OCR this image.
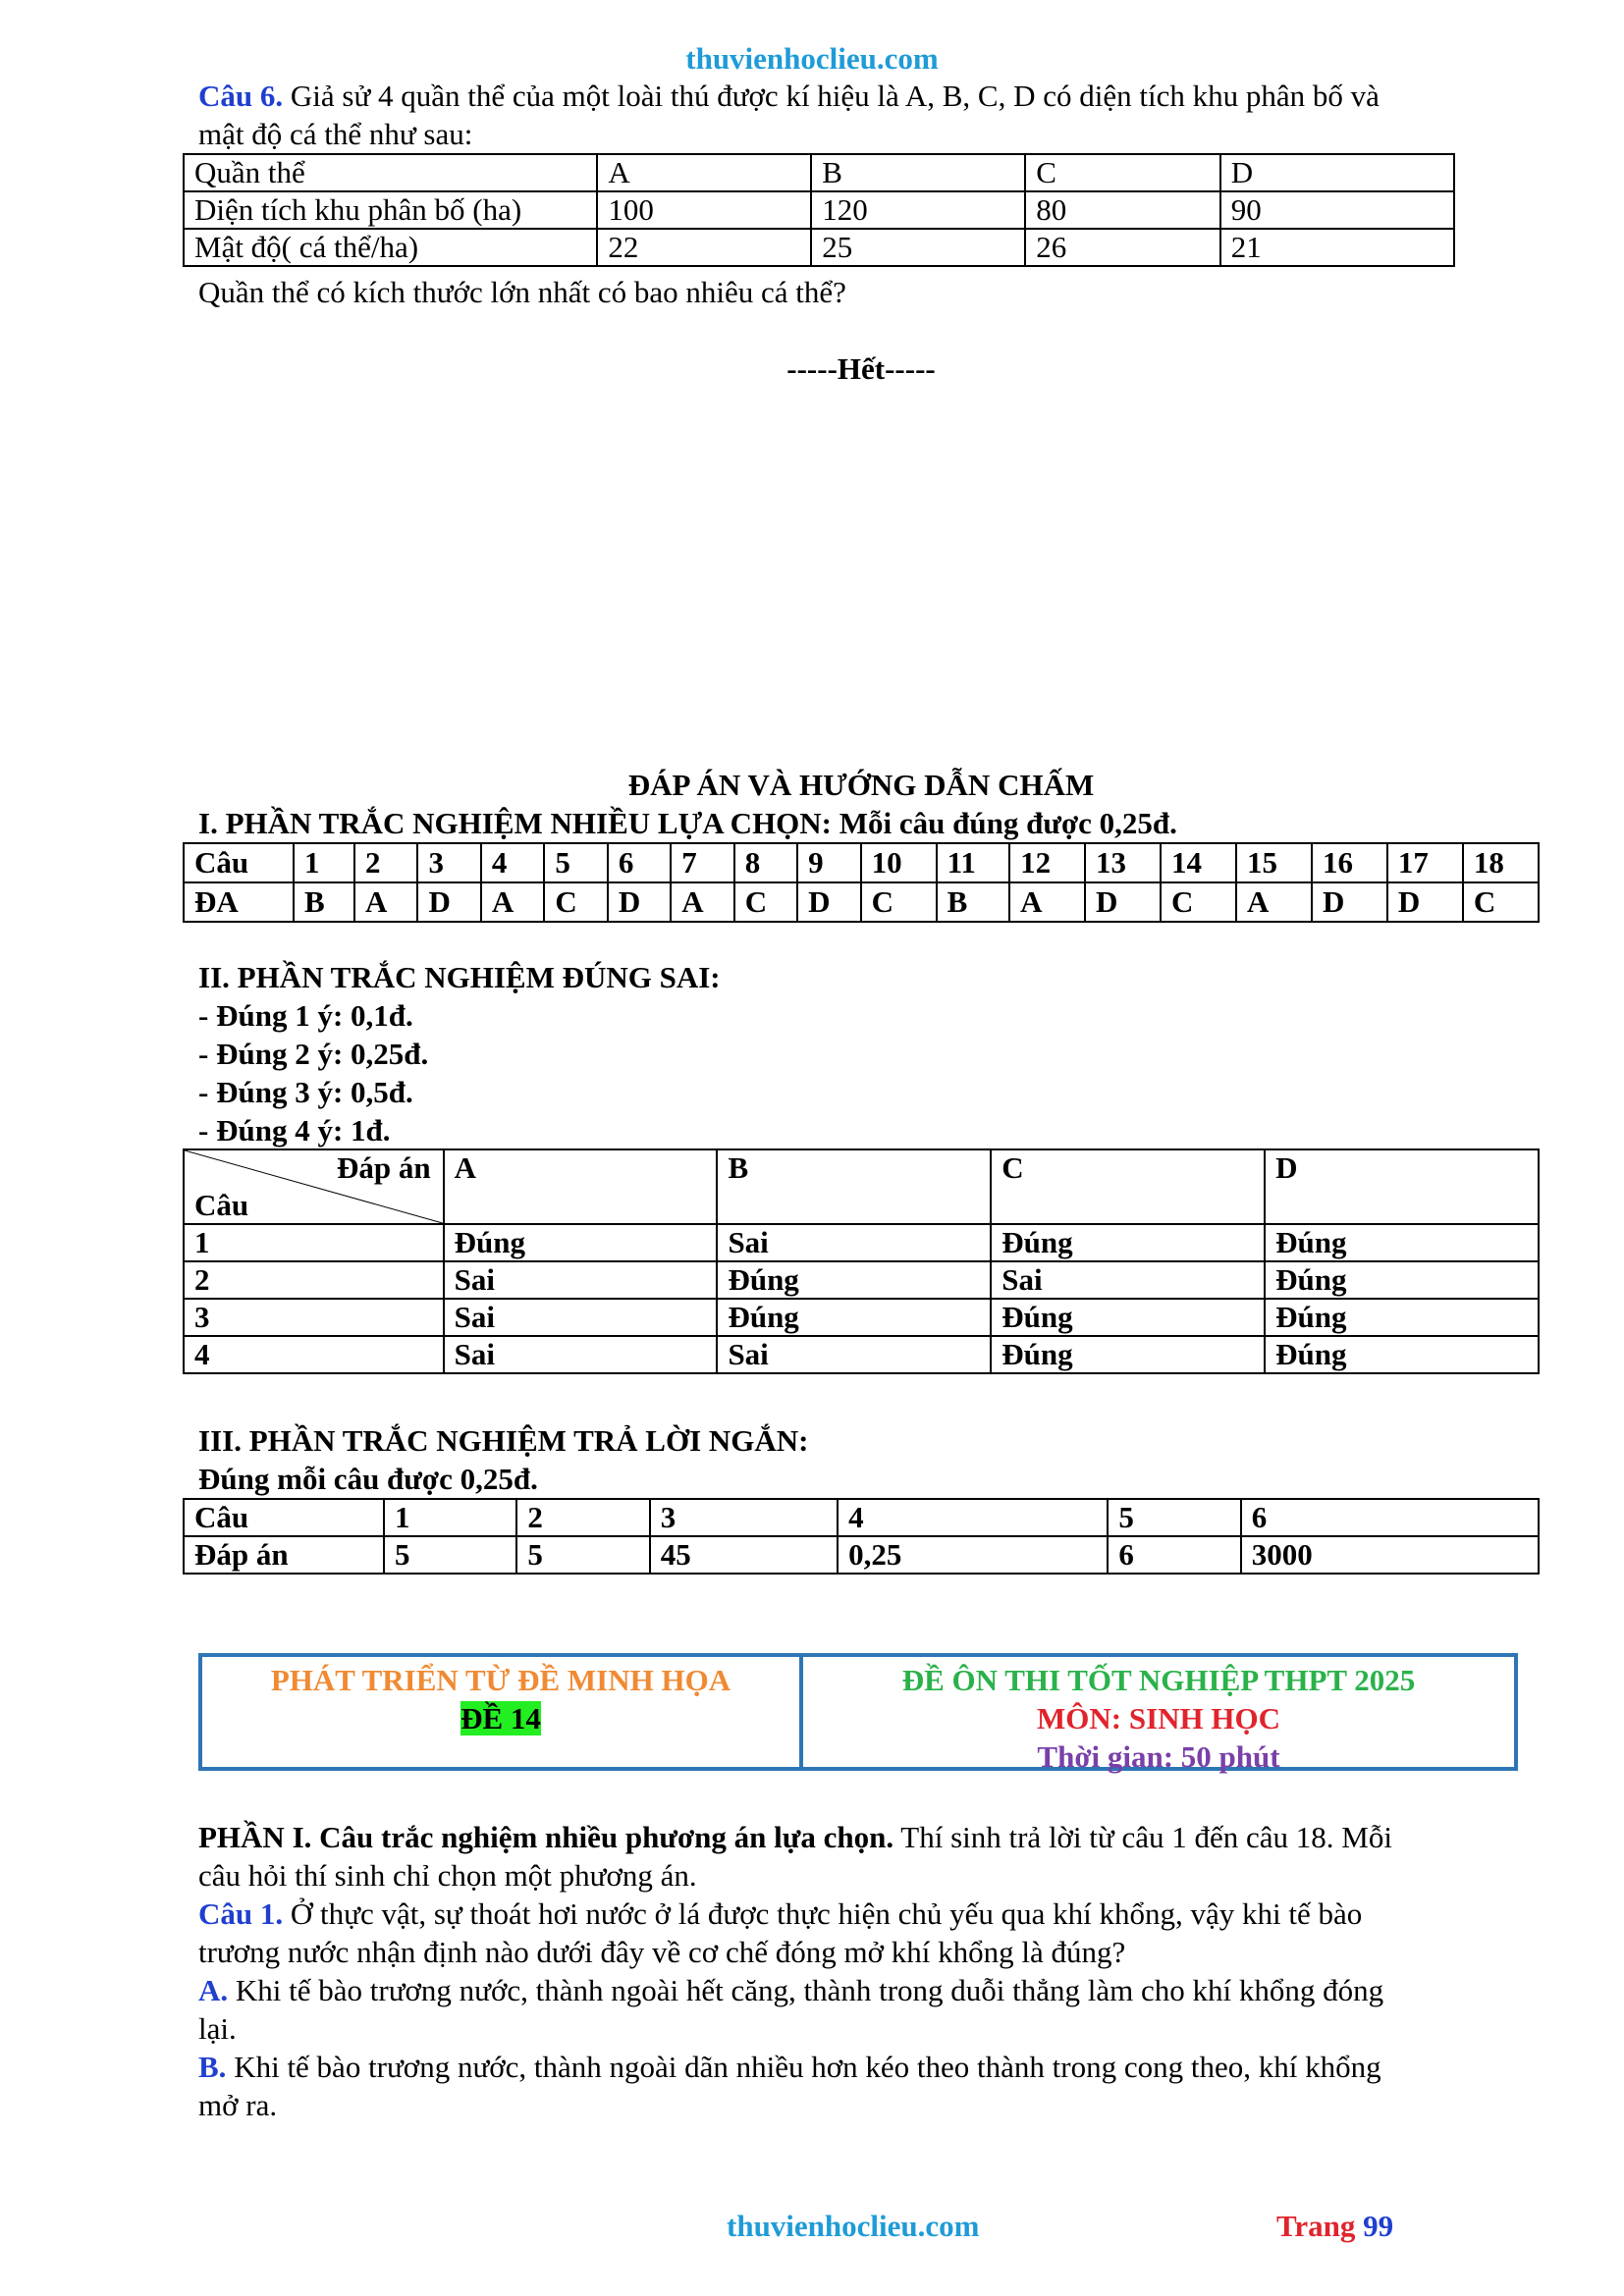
thuvienhoclieu.com

Câu 6. Giả sử 4 quần thể của một loài thú được kí hiệu là A, B, C, D có diện tích khu phân bố và

mật độ cá thể như sau:

Quần thể	A	B	C	D
Diện tích khu phân bố (ha)	100	120	80	90
Mật độ( cá thể/ha)	22	25	26	21
Quần thể có kích thước lớn nhất có bao nhiêu cá thể?
-----Hết-----
ĐÁP ÁN VÀ HƯỚNG DẪN CHẤM
I. PHẦN TRẮC NGHIỆM NHIỀU LỰA CHỌN: Mỗi câu đúng được 0,25đ.
Câu	1	2	3	4	5	6	7	8	9	10	11	12	13	14	15	16	17	18
ĐA	B	A	D	A	C	D	A	C	D	C	B	A	D	C	A	D	D	C
II. PHẦN TRẮC NGHIỆM ĐÚNG SAI:

- Đúng 1 ý: 0,1đ.

- Đúng 2 ý: 0,25đ.

- Đúng 3 ý: 0,5đ.

- Đúng 4 ý: 1đ.

Đáp án
Câu	A	B	C	D
1	Đúng	Sai	Đúng	Đúng
2	Sai	Đúng	Sai	Đúng
3	Sai	Đúng	Đúng	Đúng
4	Sai	Sai	Đúng	Đúng
III. PHẦN TRẮC NGHIỆM TRẢ LỜI NGẮN:
Đúng mỗi câu được 0,25đ.
Câu	1	2	3	4	5	6
Đáp án	5	5	45	0,25	6	3000
PHÁT TRIỂN TỪ ĐỀ MINH HỌA
ĐỀ 14
ĐỀ ÔN THI TỐT NGHIỆP THPT 2025
MÔN: SINH HỌC
Thời gian: 50 phút

PHẦN I. Câu trắc nghiệm nhiều phương án lựa chọn. Thí sinh trả lời từ câu 1 đến câu 18. Mỗi

câu hỏi thí sinh chỉ chọn một phương án.

Câu 1. Ở thực vật, sự thoát hơi nước ở lá được thực hiện chủ yếu qua khí khổng, vậy khi tế bào

trương nước nhận định nào dưới đây về cơ chế đóng mở khí khổng là đúng?

A. Khi tế bào trương nước, thành ngoài hết căng, thành trong duỗi thẳng làm cho khí khổng đóng

lại.

B. Khi tế bào trương nước, thành ngoài dãn nhiều hơn kéo theo thành trong cong theo, khí khổng

mở ra.

thuvienhoclieu.com	Trang 99
